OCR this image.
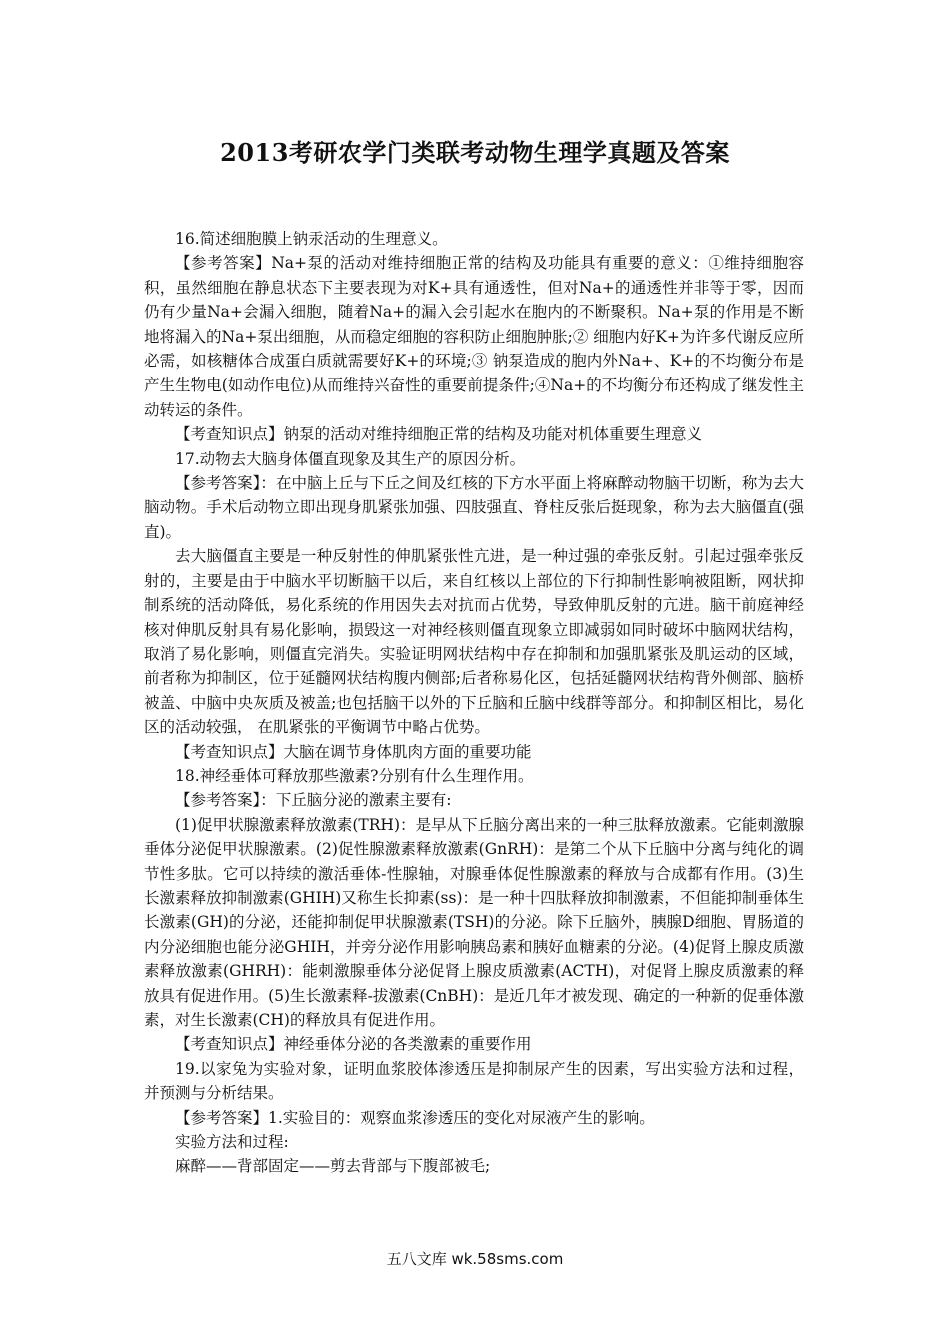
2013考研农学门类联考动物生理学真题及答案

16.简述细胞膜上钠汞活动的生理意义。

【参考答案】Na+泵的活动对维持细胞正常的结构及功能具有重要的意义：①维持细胞容积，虽然细胞在静息状态下主要表现为对K+具有通透性，但对Na+的通透性并非等于零，因而仍有少量Na+会漏入细胞，随着Na+的漏入会引起水在胞内的不断聚积。Na+泵的作用是不断地将漏入的Na+泵出细胞，从而稳定细胞的容积防止细胞肿胀;② 细胞内好K+为许多代谢反应所必需，如核糖体合成蛋白质就需要好K+的环境;③ 钠泵造成的胞内外Na+、K+的不均衡分布是产生生物电(如动作电位)从而维持兴奋性的重要前提条件;④Na+的不均衡分布还构成了继发性主动转运的条件。

【考查知识点】钠泵的活动对维持细胞正常的结构及功能对机体重要生理意义

17.动物去大脑身体僵直现象及其生产的原因分析。

【参考答案】：在中脑上丘与下丘之间及红核的下方水平面上将麻醉动物脑干切断，称为去大脑动物。手术后动物立即出现身肌紧张加强、四肢强直、脊柱反张后挺现象，称为去大脑僵直(强直)。

去大脑僵直主要是一种反射性的伸肌紧张性亢进，是一种过强的牵张反射。引起过强牵张反射的，主要是由于中脑水平切断脑干以后，来自红核以上部位的下行抑制性影响被阻断，网状抑制系统的活动降低，易化系统的作用因失去对抗而占优势，导致伸肌反射的亢进。脑干前庭神经核对伸肌反射具有易化影响，损毁这一对神经核则僵直现象立即减弱如同时破坏中脑网状结构，取消了易化影响，则僵直完消失。实验证明网状结构中存在抑制和加强肌紧张及肌运动的区域，前者称为抑制区，位于延髓网状结构腹内侧部;后者称易化区，包括延髓网状结构背外侧部、脑桥被盖、中脑中央灰质及被盖;也包括脑干以外的下丘脑和丘脑中线群等部分。和抑制区相比，易化区的活动较强， 在肌紧张的平衡调节中略占优势。

【考查知识点】大脑在调节身体肌肉方面的重要功能

18.神经垂体可释放那些激素?分别有什么生理作用。

【参考答案】：下丘脑分泌的激素主要有:

(1)促甲状腺激素释放激素(TRH)：是早从下丘脑分离出来的一种三肽释放激素。它能刺激腺垂体分泌促甲状腺激素。(2)促性腺激素释放激素(GnRH)：是第二个从下丘脑中分离与纯化的调节性多肽。它可以持续的激活垂体-性腺轴，对腺垂体促性腺激素的释放与合成都有作用。(3)生长激素释放抑制激素(GHIH)又称生长抑素(ss)：是一种十四肽释放抑制激素，不但能抑制垂体生长激素(GH)的分泌，还能抑制促甲状腺激素(TSH)的分泌。除下丘脑外，胰腺D细胞、胃肠道的内分泌细胞也能分泌GHIH，并旁分泌作用影响胰岛素和胰好血糖素的分泌。(4)促肾上腺皮质激素释放激素(GHRH)：能刺激腺垂体分泌促肾上腺皮质激素(ACTH)，对促肾上腺皮质激素的释放具有促进作用。(5)生长激素释-拔激素(CnBH)：是近几年才被发现、确定的一种新的促垂体激素，对生长激素(CH)的释放具有促进作用。

【考查知识点】神经垂体分泌的各类激素的重要作用

19.以家兔为实验对象，证明血浆胶体渗透压是抑制尿产生的因素，写出实验方法和过程，并预测与分析结果。

【参考答案】1.实验目的：观察血浆渗透压的变化对尿液产生的影响。

实验方法和过程:

麻醉——背部固定——剪去背部与下腹部被毛;

五八文库 wk.58sms.com
